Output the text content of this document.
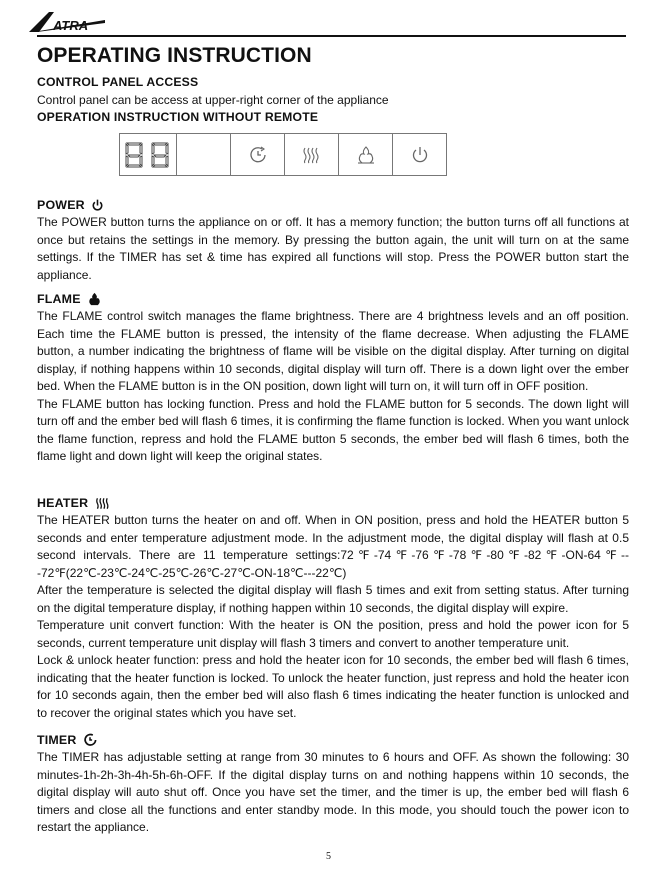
ATRA
OPERATING INSTRUCTION
CONTROL PANEL ACCESS
Control panel can be access at upper-right corner of the appliance
OPERATION INSTRUCTION WITHOUT REMOTE
POWER

The POWER button turns the appliance on or off. It has a memory function; the button turns off all functions at once but retains the settings in the memory. By pressing the button again, the unit will turn on at the same settings. If the TIMER has set & time has expired all functions will stop. Press the POWER button start the appliance.

FLAME

The FLAME control switch manages the flame brightness. There are 4 brightness levels and an off position. Each time the FLAME button is pressed, the intensity of the flame decrease. When adjusting the FLAME button, a number indicating the brightness of flame will be visible on the digital display. After turning on digital display, if nothing happens within 10 seconds, digital display will turn off. There is a down light over the ember bed. When the FLAME button is in the ON position, down light will turn on, it will turn off in OFF position.

The FLAME button has locking function. Press and hold the FLAME button for 5 seconds. The down light will turn off and the ember bed will flash 6 times, it is confirming the flame function is locked. When you want unlock the flame function, repress and hold the FLAME button 5 seconds, the ember bed will flash 6 times, both the flame light and down light will keep the original states.

HEATER

The HEATER button turns the heater on and off. When in ON position, press and hold the HEATER button 5 seconds and enter temperature adjustment mode. In the adjustment mode, the digital display will flash at 0.5 second intervals. There are 11 temperature settings:72℉-74℉-76℉-78℉-80℉-82℉-ON-64℉---72℉(22℃-23℃-24℃-25℃-26℃-27℃-ON-18℃---22℃)

After the temperature is selected the digital display will flash 5 times and exit from setting status. After turning on the digital temperature display, if nothing happen within 10 seconds, the digital display will expire.

Temperature unit convert function: With the heater is ON the position, press and hold the power icon for 5 seconds, current temperature unit display will flash 3 timers and convert to another temperature unit.

Lock & unlock heater function: press and hold the heater icon for 10 seconds, the ember bed will flash 6 times, indicating that the heater function is locked. To unlock the heater function, just repress and hold the heater icon for 10 seconds again, then the ember bed will also flash 6 times indicating the heater function is unlocked and to recover the original states which you have set.

TIMER

The TIMER has adjustable setting at range from 30 minutes to 6 hours and OFF. As shown the following: 30 minutes-1h-2h-3h-4h-5h-6h-OFF. If the digital display turns on and nothing happens within 10 seconds, the digital display will auto shut off. Once you have set the timer, and the timer is up, the ember bed will flash 6 timers and close all the functions and enter standby mode. In this mode, you should touch the power icon to restart the appliance.

5
